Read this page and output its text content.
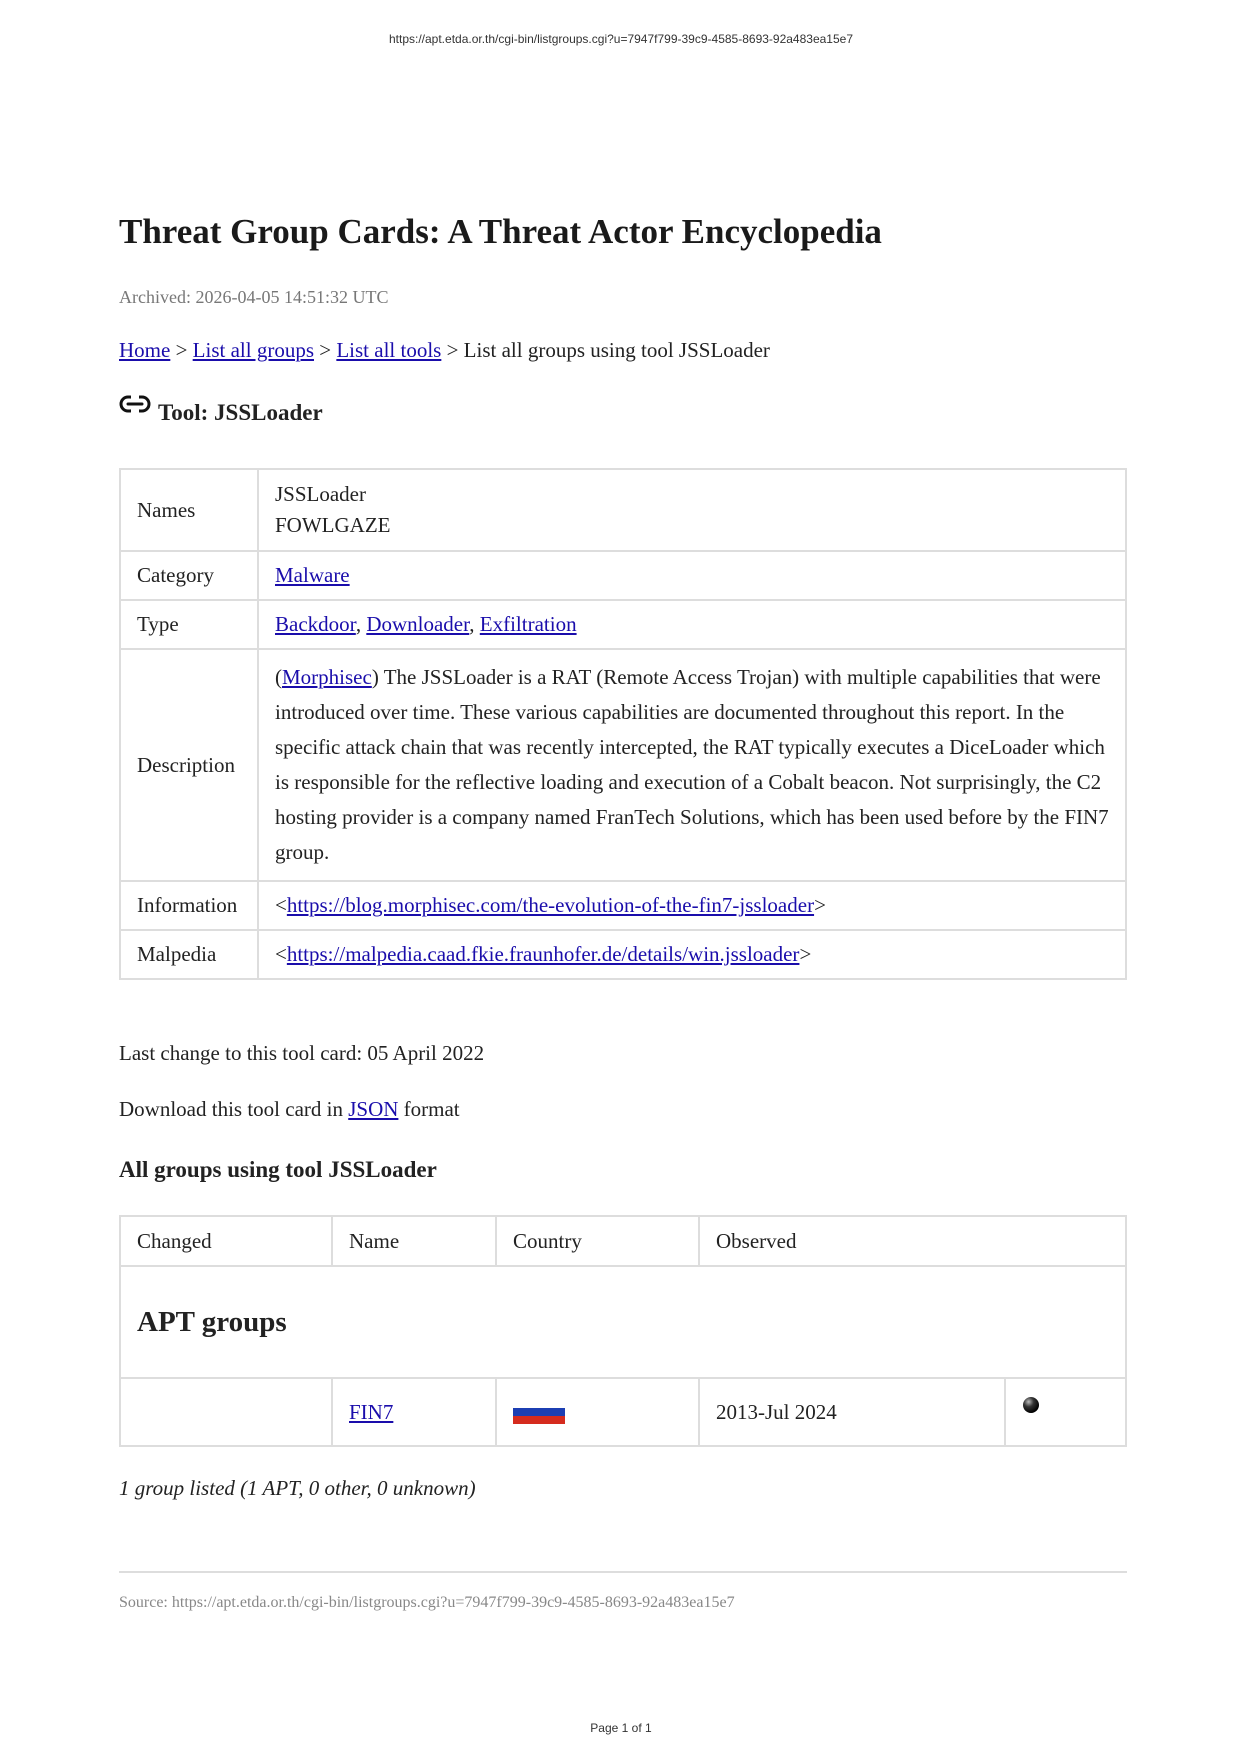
https://apt.etda.or.th/cgi-bin/listgroups.cgi?u=7947f799-39c9-4585-8693-92a483ea15e7
Threat Group Cards: A Threat Actor Encyclopedia
Archived: 2026-04-05 14:51:32 UTC
Home > List all groups > List all tools > List all groups using tool JSSLoader
Tool: JSSLoader
Names	JSSLoader
FOWLGAZE

Category	Malware
Type	Backdoor, Downloader, Exfiltration
Description	(Morphisec) The JSSLoader is a RAT (Remote Access Trojan) with multiple capabilities that were introduced over time. These various capabilities are documented throughout this report. In the specific attack chain that was recently intercepted, the RAT typically executes a DiceLoader which is responsible for the reflective loading and execution of a Cobalt beacon. Not surprisingly, the C2 hosting provider is a company named FranTech Solutions, which has been used before by the FIN7 group.
Information	<https://blog.morphisec.com/the-evolution-of-the-fin7-jssloader>
Malpedia	<https://malpedia.caad.fkie.fraunhofer.de/details/win.jssloader>
Last change to this tool card: 05 April 2022
Download this tool card in JSON format
All groups using tool JSSLoader
Changed	Name	Country	Observed	
APT groups				
	FIN7		2013-Jul 2024	
1 group listed (1 APT, 0 other, 0 unknown)
Source: https://apt.etda.or.th/cgi-bin/listgroups.cgi?u=7947f799-39c9-4585-8693-92a483ea15e7
Page 1 of 1
